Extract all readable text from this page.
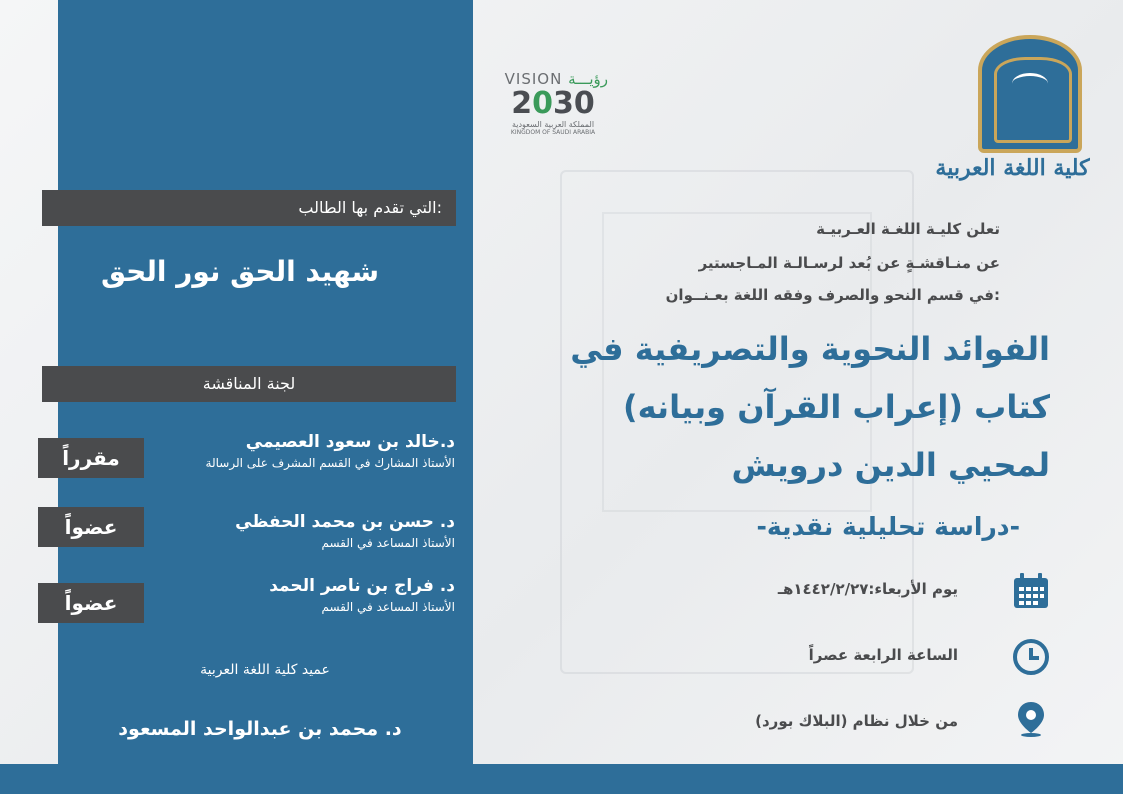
كلية اللغة العربية
VISION رؤيـــة
2030
المملكة العربية السعودية
KINGDOM OF SAUDI ARABIA
تعلن كليـة اللغـة العـربيـة
عن منـاقشـةٍ عن بُعد لرسـالـة المـاجستير
في قسم النحو والصرف وفقه اللغة بعـنــوان:
الفوائد النحوية والتصريفية في
كتاب (إعراب القرآن وبيانه)
لمحيي الدين درويش
-دراسة تحليلية نقدية-
يوم الأربعاء:١٤٤٢/٢/٢٧هـ
الساعة الرابعة عصراً
من خلال نظام (البلاك بورد)
التي تقدم بها الطالب:
شهيد الحق نور الحق
لجنة المناقشة
د.خالد بن سعود العصيمي
الأستاذ المشارك في القسم المشرف على الرسالة
مقرراً
د. حسن بن محمد الحفظي
الأستاذ المساعد في القسم
عضواً
د. فراج بن ناصر الحمد
الأستاذ المساعد في القسم
عضواً
عميد كلية اللغة العربية
د. محمد بن عبدالواحد المسعود
